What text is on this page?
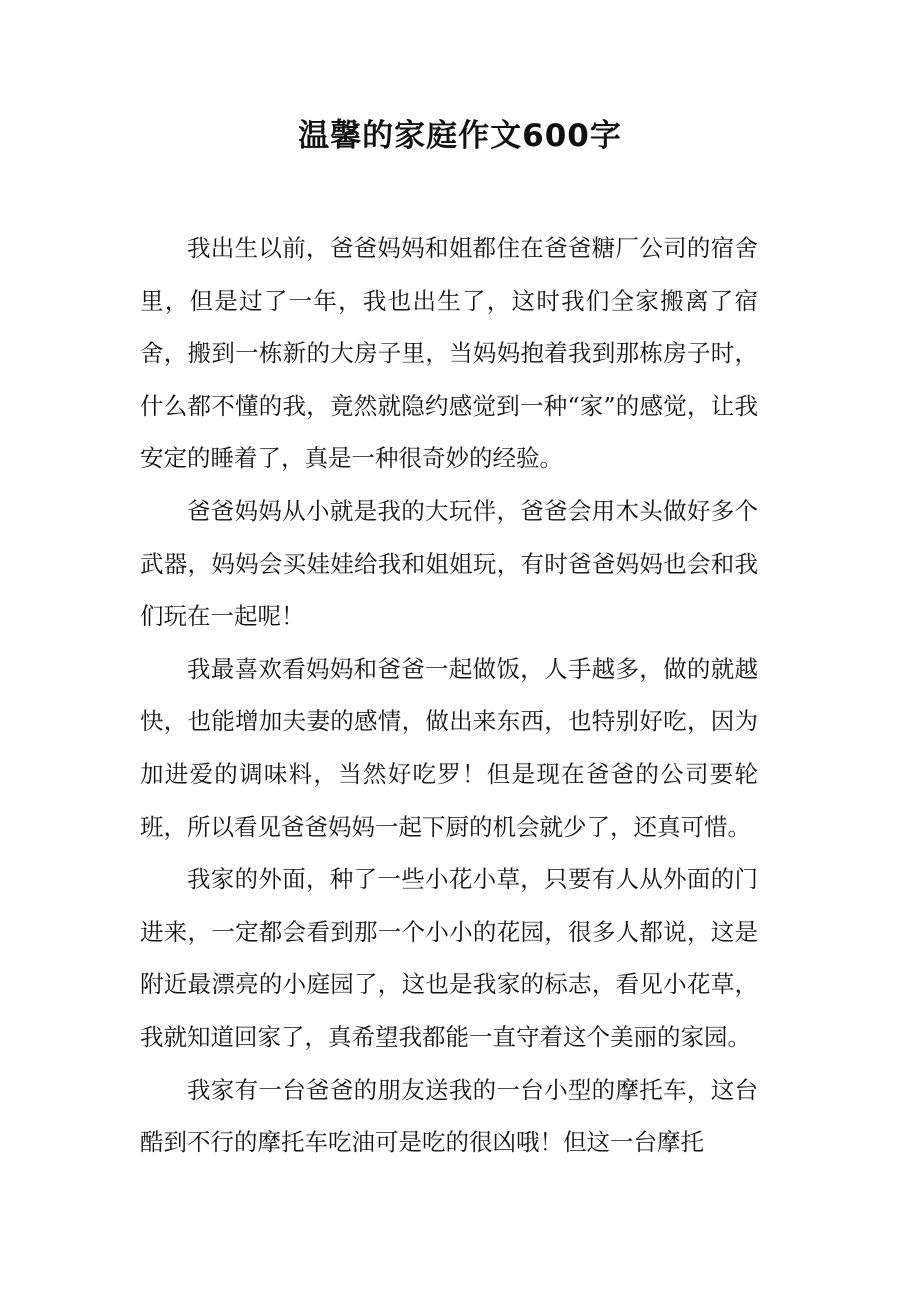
温馨的家庭作文600字

我出生以前，爸爸妈妈和姐都住在爸爸糖厂公司的宿舍里，但是过了一年，我也出生了，这时我们全家搬离了宿舍，搬到一栋新的大房子里，当妈妈抱着我到那栋房子时，什么都不懂的我，竟然就隐约感觉到一种“家”的感觉，让我安定的睡着了，真是一种很奇妙的经验。

爸爸妈妈从小就是我的大玩伴，爸爸会用木头做好多个武器，妈妈会买娃娃给我和姐姐玩，有时爸爸妈妈也会和我们玩在一起呢！

我最喜欢看妈妈和爸爸一起做饭，人手越多，做的就越快，也能增加夫妻的感情，做出来东西，也特别好吃，因为加进爱的调味料，当然好吃罗！但是现在爸爸的公司要轮班，所以看见爸爸妈妈一起下厨的机会就少了，还真可惜。

我家的外面，种了一些小花小草，只要有人从外面的门进来，一定都会看到那一个小小的花园，很多人都说，这是附近最漂亮的小庭园了，这也是我家的标志，看见小花草，我就知道回家了，真希望我都能一直守着这个美丽的家园。

我家有一台爸爸的朋友送我的一台小型的摩托车，这台酷到不行的摩托车吃油可是吃的很凶哦！但这一台摩托
